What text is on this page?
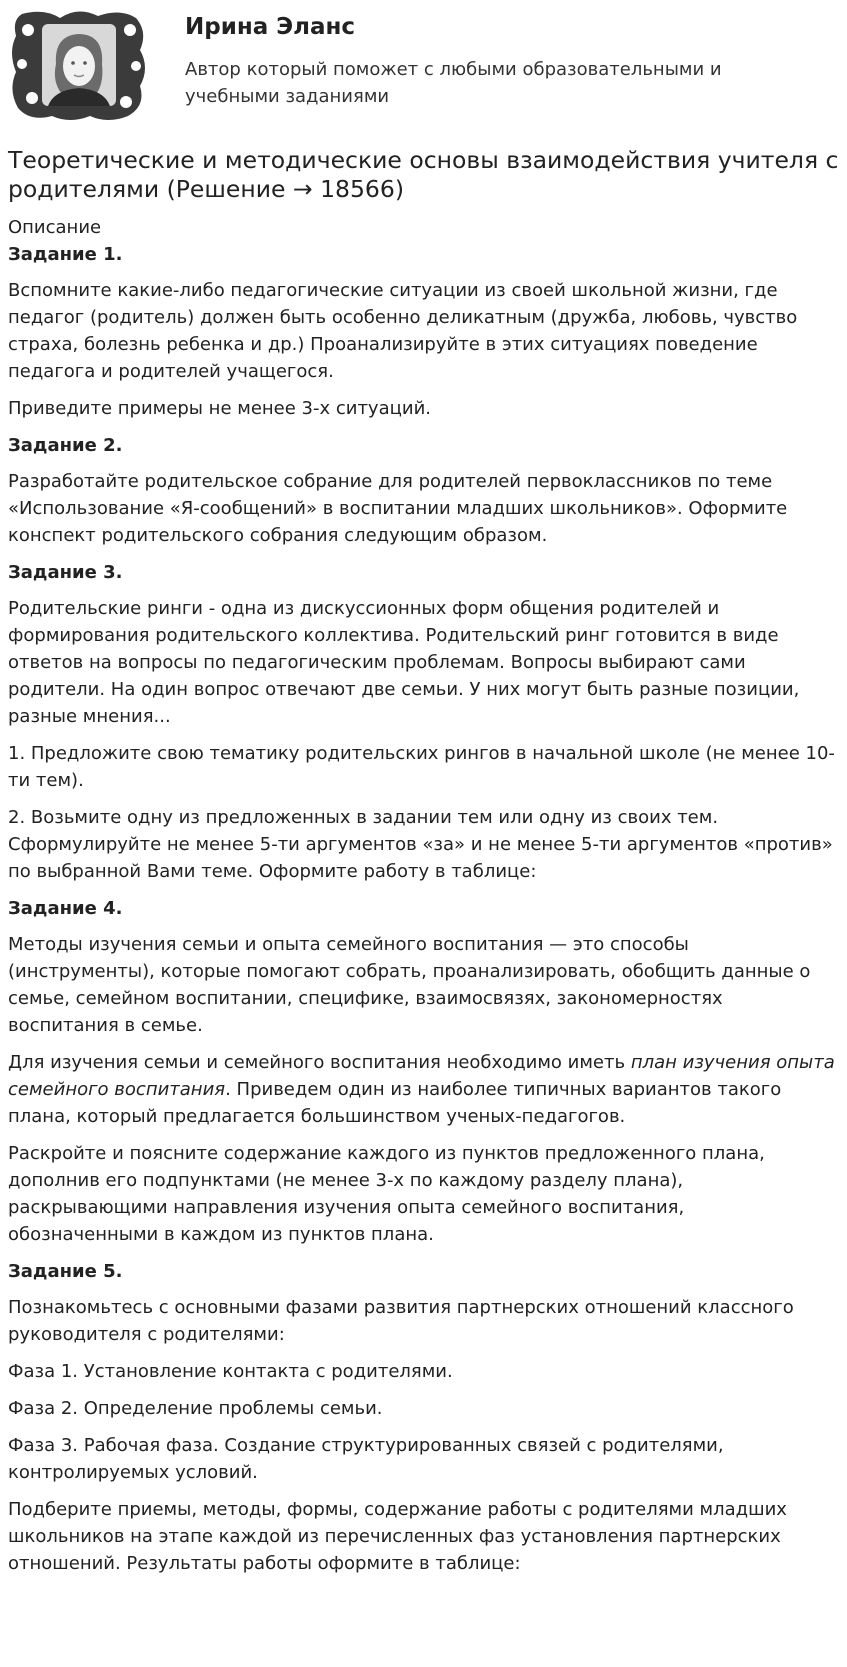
Ирина Эланс
Автор который поможет с любыми образовательными и учебными заданиями
Теоретические и методические основы взаимодействия учителя с родителями (Решение → 18566)
Описание

Задание 1.

Вспомните какие-либо педагогические ситуации из своей школьной жизни, где педагог (родитель) должен быть особенно деликатным (дружба, любовь, чувство страха, болезнь ребенка и др.) Проанализируйте в этих ситуациях поведение педагога и родителей учащегося.

Приведите примеры не менее 3-х ситуаций.

Задание 2.

Разработайте родительское собрание для родителей первоклассников по теме «Использование «Я-сообщений» в воспитании младших школьников». Оформите конспект родительского собрания следующим образом.

Задание 3.

Родительские ринги - одна из дискуссионных форм общения родителей и формирования родительского коллектива. Родительский ринг готовится в виде ответов на вопросы по педагогическим проблемам. Вопросы выбирают сами родители. На один вопрос отвечают две семьи. У них могут быть разные позиции, разные мнения...

1. Предложите свою тематику родительских рингов в начальной школе (не менее 10-ти тем).

2. Возьмите одну из предложенных в задании тем или одну из своих тем. Сформулируйте не менее 5-ти аргументов «за» и не менее 5-ти аргументов «против» по выбранной Вами теме. Оформите работу в таблице:

Задание 4.

Методы изучения семьи и опыта семейного воспитания — это способы (инструменты), которые помогают собрать, проанализировать, обобщить данные о семье, семейном воспитании, специфике, взаимосвязях, закономерностях воспитания в семье.

Для изучения семьи и семейного воспитания необходимо иметь план изучения опыта семейного воспитания. Приведем один из наиболее типичных вариантов такого плана, который предлагается большинством ученых-педагогов.

Раскройте и поясните содержание каждого из пунктов предложенного плана, дополнив его подпунктами (не менее 3-х по каждому разделу плана), раскрывающими направления изучения опыта семейного воспитания, обозначенными в каждом из пунктов плана.

Задание 5.

Познакомьтесь с основными фазами развития партнерских отношений классного руководителя с родителями:

Фаза 1. Установление контакта с родителями.

Фаза 2. Определение проблемы семьи.

Фаза 3. Рабочая фаза. Создание структурированных связей с родителями, контролируемых условий.

Подберите приемы, методы, формы, содержание работы с родителями младших школьников на этапе каждой из перечисленных фаз установления партнерских отношений. Результаты работы оформите в таблице:
